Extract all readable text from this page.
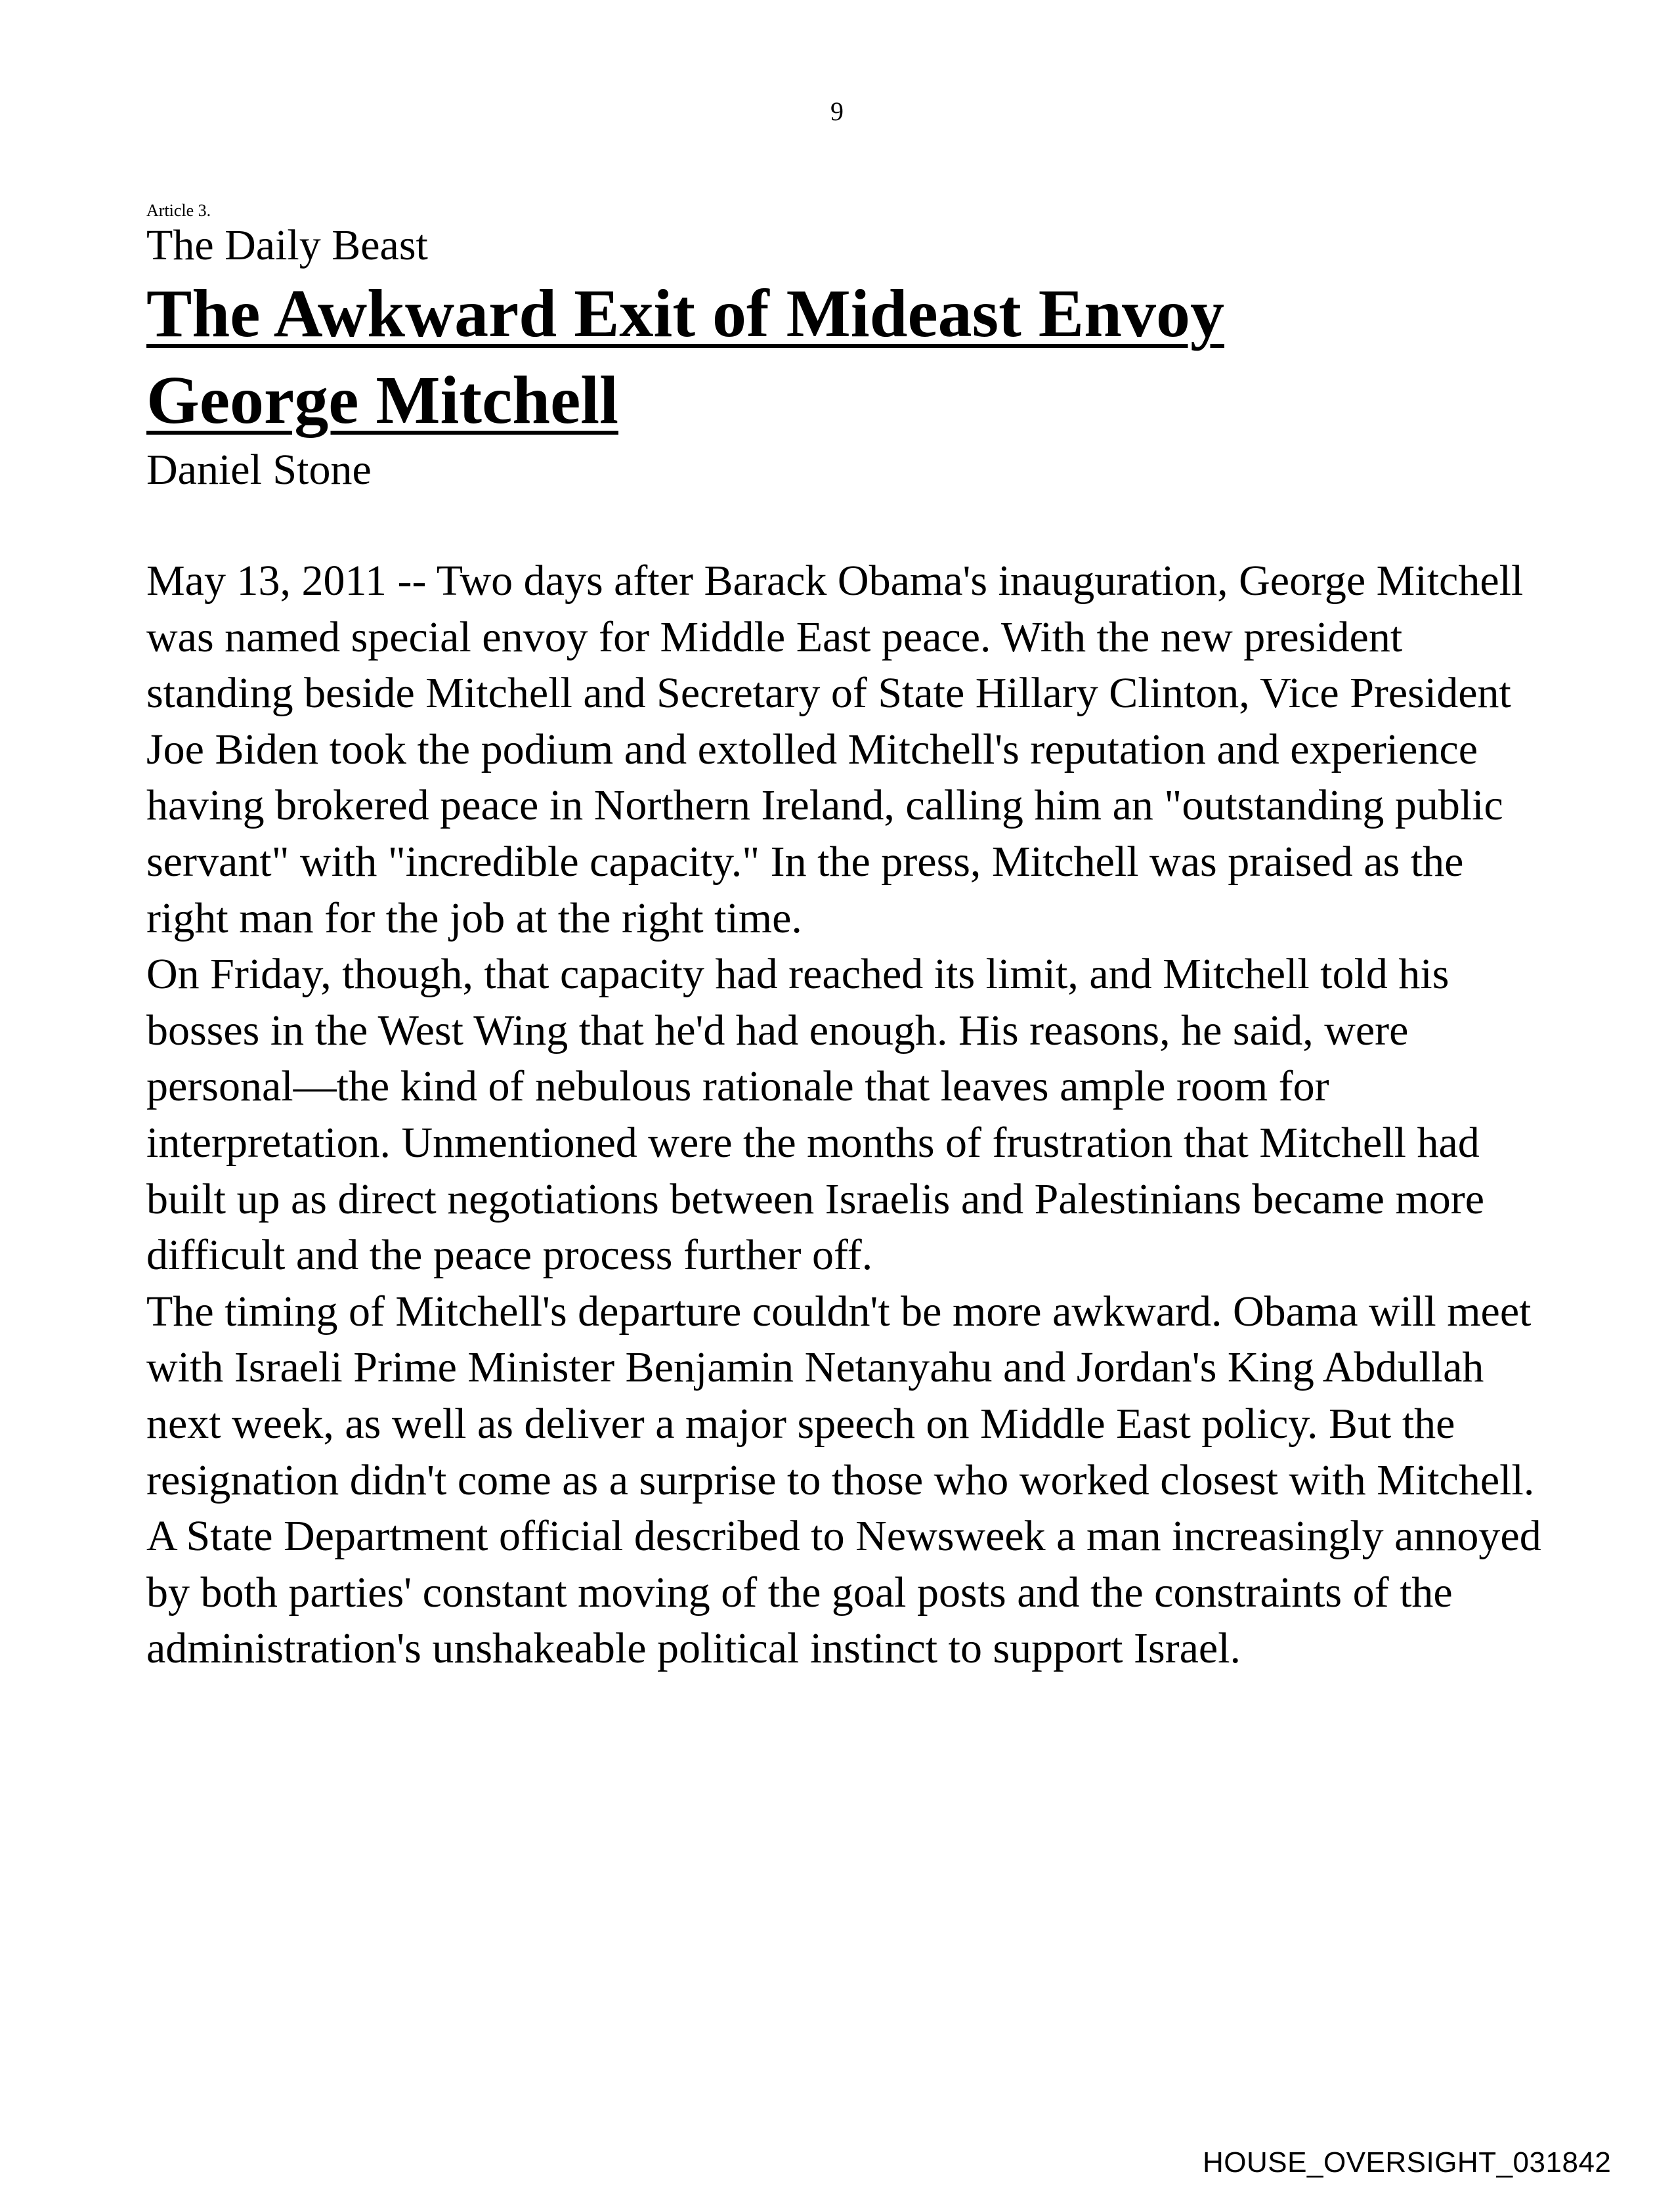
9

Article 3.

The Daily Beast

The Awkward Exit of Mideast Envoy George Mitchell

Daniel Stone

May 13, 2011 -- Two days after Barack Obama's inauguration, George Mitchell was named special envoy for Middle East peace. With the new president standing beside Mitchell and Secretary of State Hillary Clinton, Vice President Joe Biden took the podium and extolled Mitchell's reputation and experience having brokered peace in Northern Ireland, calling him an "outstanding public servant" with "incredible capacity." In the press, Mitchell was praised as the right man for the job at the right time.

On Friday, though, that capacity had reached its limit, and Mitchell told his bosses in the West Wing that he'd had enough. His reasons, he said, were personal—the kind of nebulous rationale that leaves ample room for interpretation. Unmentioned were the months of frustration that Mitchell had built up as direct negotiations between Israelis and Palestinians became more difficult and the peace process further off.

The timing of Mitchell's departure couldn't be more awkward. Obama will meet with Israeli Prime Minister Benjamin Netanyahu and Jordan's King Abdullah next week, as well as deliver a major speech on Middle East policy. But the resignation didn't come as a surprise to those who worked closest with Mitchell. A State Department official described to Newsweek a man increasingly annoyed by both parties' constant moving of the goal posts and the constraints of the administration's unshakeable political instinct to support Israel.

HOUSE_OVERSIGHT_031842
